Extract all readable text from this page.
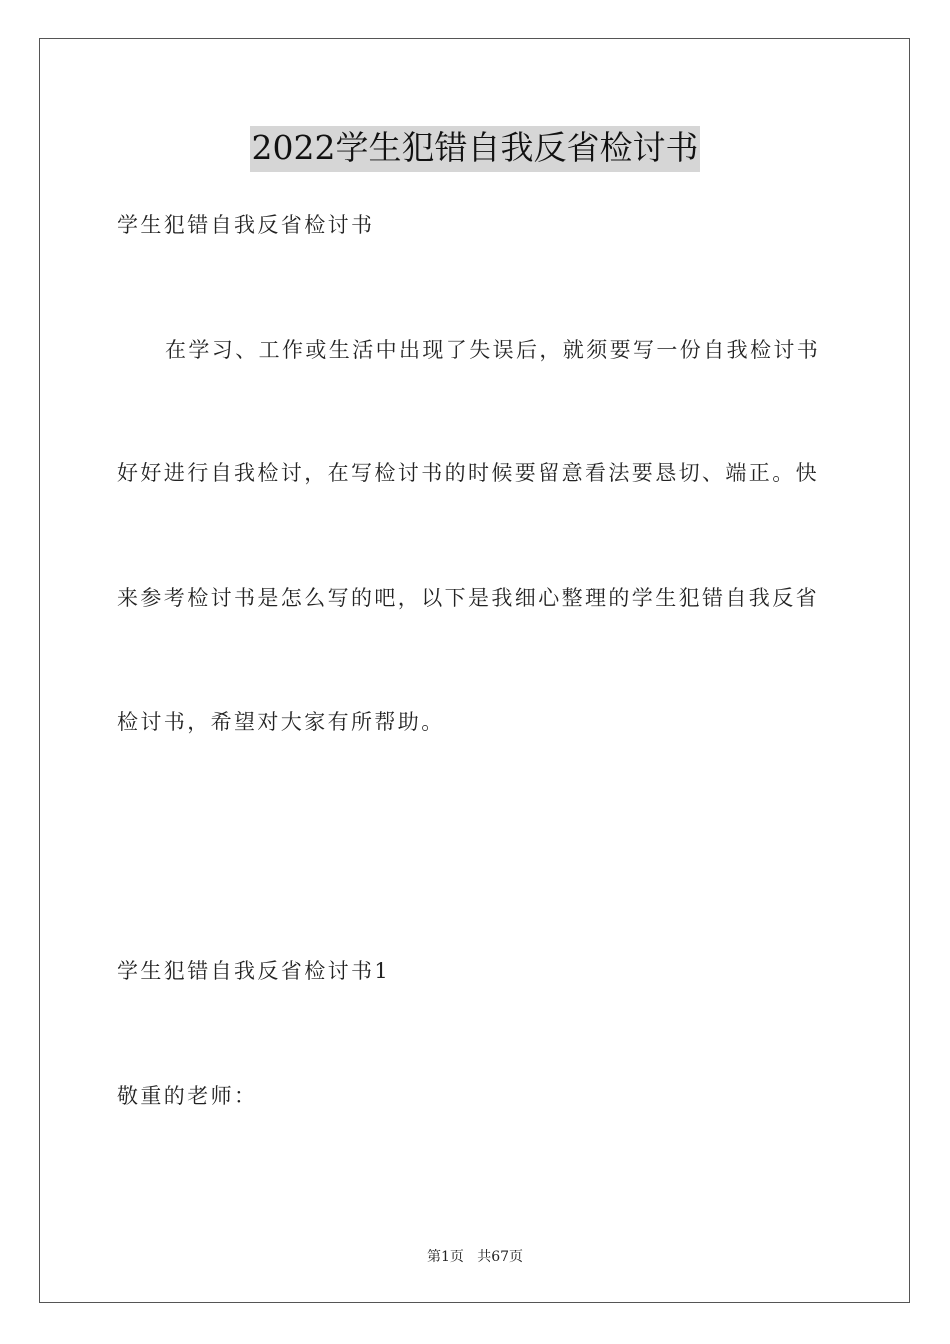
2022学生犯错自我反省检讨书

学生犯错自我反省检讨书

在学习、工作或生活中出现了失误后，就须要写一份自我检讨书

好好进行自我检讨，在写检讨书的时候要留意看法要恳切、端正。快

来参考检讨书是怎么写的吧，以下是我细心整理的学生犯错自我反省

检讨书，希望对大家有所帮助。

学生犯错自我反省检讨书1

敬重的老师：

第1页   共67页
